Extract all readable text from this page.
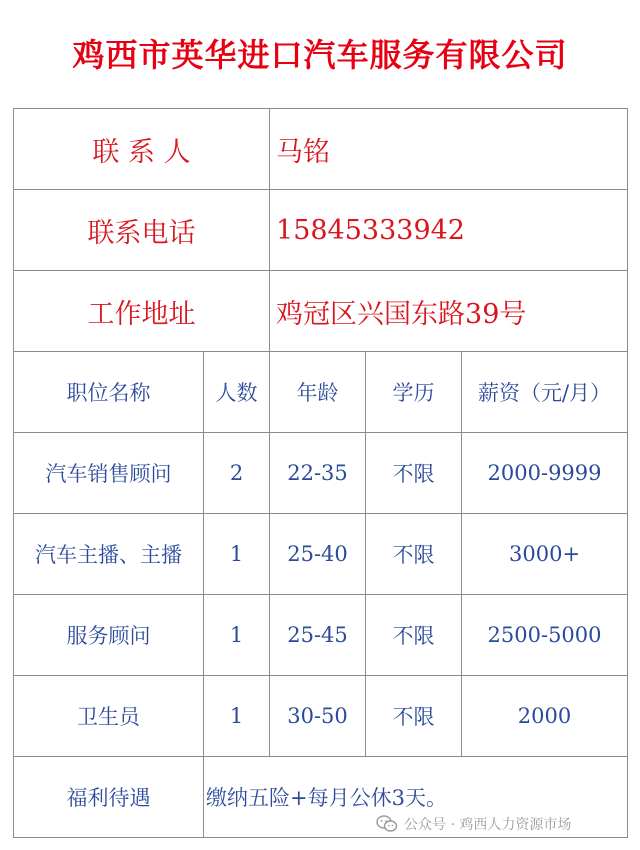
鸡西市英华进口汽车服务有限公司
联 系 人		马铭		
联系电话		15845333942		
工作地址		鸡冠区兴国东路39号		
职位名称	人数	年龄	学历	薪资（元/月）
汽车销售顾问	2	22-35	不限	2000-9999
汽车主播、主播	1	25-40	不限	3000+
服务顾问	1	25-45	不限	2500-5000
卫生员	1	30-50	不限	2000
福利待遇	缴纳五险+每月公休3天。			
公众号 · 鸡西人力资源市场
